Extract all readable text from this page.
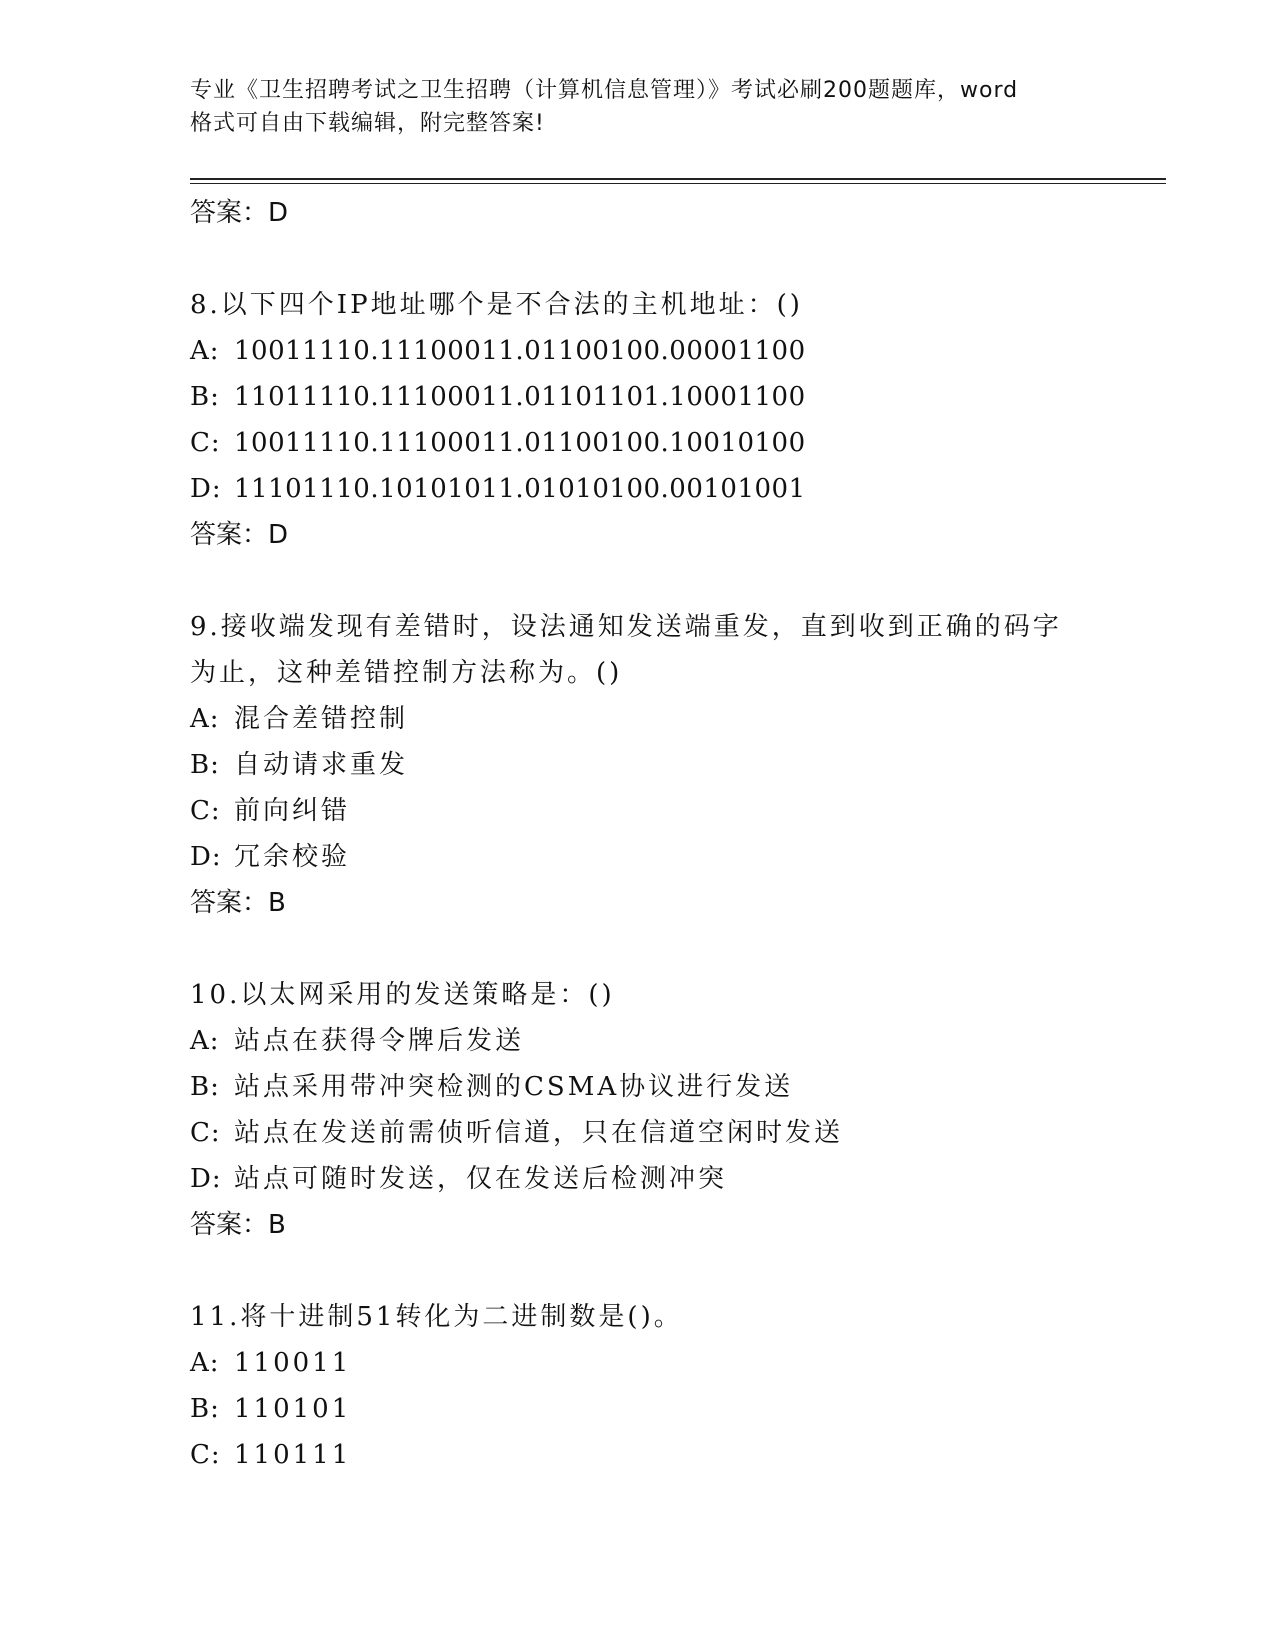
专业《卫生招聘考试之卫生招聘（计算机信息管理）》考试必刷200题题库，word
格式可自由下载编辑，附完整答案!
答案：D
8.以下四个IP地址哪个是不合法的主机地址：()
A: 10011110.11100011.01100100.00001100
B: 11011110.11100011.01101101.10001100
C: 10011110.11100011.01100100.10010100
D: 11101110.10101011.01010100.00101001
答案：D
9.接收端发现有差错时，设法通知发送端重发，直到收到正确的码字为止，这种差错控制方法称为。()
A: 混合差错控制
B: 自动请求重发
C: 前向纠错
D: 冗余校验
答案：B
10.以太网采用的发送策略是：()
A: 站点在获得令牌后发送
B: 站点采用带冲突检测的CSMA协议进行发送
C: 站点在发送前需侦听信道，只在信道空闲时发送
D: 站点可随时发送，仅在发送后检测冲突
答案：B
11.将十进制51转化为二进制数是()。
A: 110011
B: 110101
C: 110111
